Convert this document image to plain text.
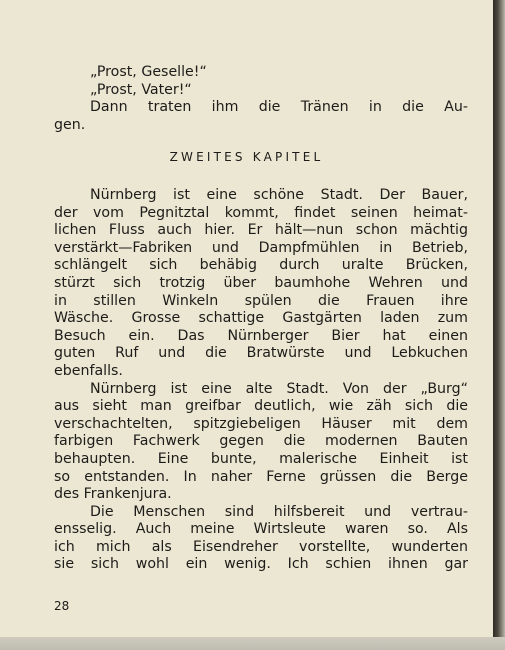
„Prost, Geselle!“
„Prost, Vater!“
Dann traten ihm die Tränen in die Au-
gen.
ZWEITES KAPITEL
Nürnberg ist eine schöne Stadt. Der Bauer,
der vom Pegnitztal kommt, findet seinen heimat-
lichen Fluss auch hier. Er hält—nun schon mächtig
verstärkt—Fabriken und Dampfmühlen in Betrieb,
schlängelt sich behäbig durch uralte Brücken,
stürzt sich trotzig über baumhohe Wehren und
in stillen Winkeln spülen die Frauen ihre
Wäsche. Grosse schattige Gastgärten laden zum
Besuch ein. Das Nürnberger Bier hat einen
guten Ruf und die Bratwürste und Lebkuchen
ebenfalls.
Nürnberg ist eine alte Stadt. Von der „Burg“
aus sieht man greifbar deutlich, wie zäh sich die
verschachtelten, spitzgiebeligen Häuser mit dem
farbigen Fachwerk gegen die modernen Bauten
behaupten. Eine bunte, malerische Einheit ist
so entstanden. In naher Ferne grüssen die Berge
des Frankenjura.
Die Menschen sind hilfsbereit und vertrau-
ensselig. Auch meine Wirtsleute waren so. Als
ich mich als Eisendreher vorstellte, wunderten
sie sich wohl ein wenig. Ich schien ihnen gar
28
